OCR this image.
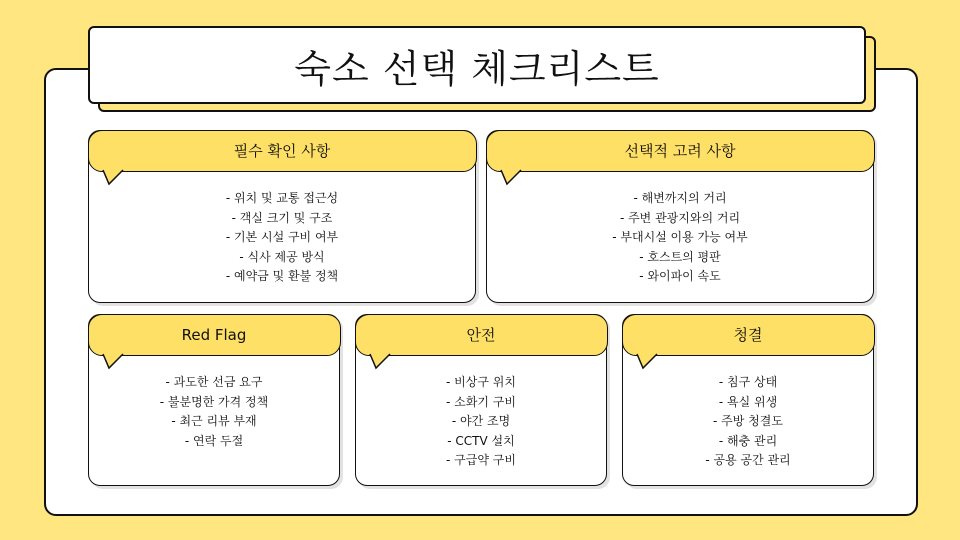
숙소 선택 체크리스트
필수 확인 사항
- 위치 및 교통 접근성
- 객실 크기 및 구조
- 기본 시설 구비 여부
- 식사 제공 방식
- 예약금 및 환불 정책
선택적 고려 사항
- 해변까지의 거리
- 주변 관광지와의 거리
- 부대시설 이용 가능 여부
- 호스트의 평판
- 와이파이 속도
Red Flag
- 과도한 선금 요구
- 불분명한 가격 정책
- 최근 리뷰 부재
- 연락 두절
안전
- 비상구 위치
- 소화기 구비
- 야간 조명
- CCTV 설치
- 구급약 구비
청결
- 침구 상태
- 욕실 위생
- 주방 청결도
- 해충 관리
- 공용 공간 관리
